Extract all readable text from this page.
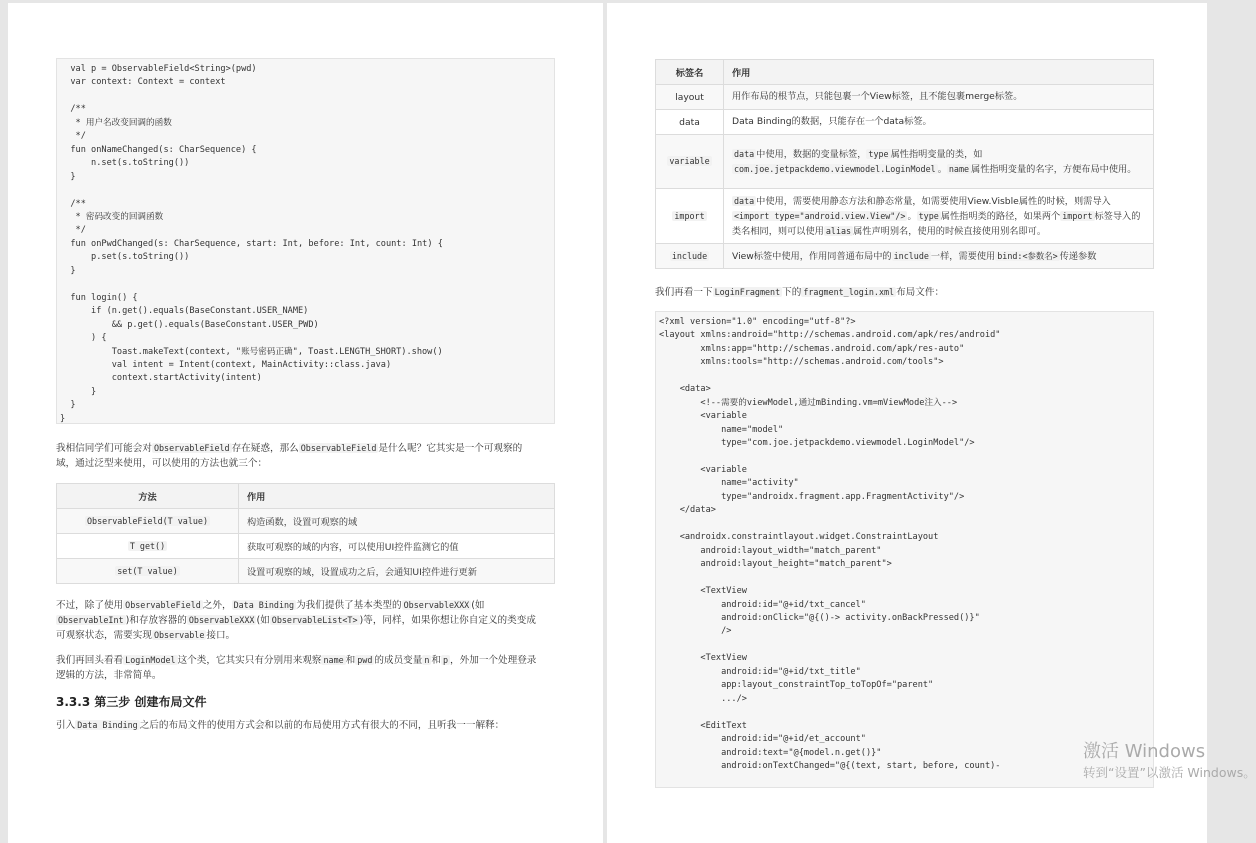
val p = ObservableField<String>(pwd)
var context: Context = context

/**
* 用户名改变回调的函数
*/
fun onNameChanged(s: CharSequence) {
n.set(s.toString())
}

/**
* 密码改变的回调函数
*/
fun onPwdChanged(s: CharSequence, start: Int, before: Int, count: Int) {
p.set(s.toString())
}

fun login() {
if (n.get().equals(BaseConstant.USER_NAME)
&& p.get().equals(BaseConstant.USER_PWD)
) {
Toast.makeText(context, "账号密码正确", Toast.LENGTH_SHORT).show()
val intent = Intent(context, MainActivity::class.java)
context.startActivity(intent)
}
}
}

我相信同学们可能会对 ObservableField 存在疑惑，那么 ObservableField 是什么呢？它其实是一个可观察的
域，通过泛型来使用，可以使用的方法也就三个：

方法	作用
ObservableField(T value)	构造函数，设置可观察的域
T get()	获取可观察的域的内容，可以使用UI控件监测它的值
set(T value)	设置可观察的域，设置成功之后，会通知UI控件进行更新

不过，除了使用 ObservableField 之外， Data Binding 为我们提供了基本类型的 ObservableXXX (如
ObservableInt )和存放容器的 ObservableXXX (如 ObservableList<T> )等，同样，如果你想让你自定义的类变成
可观察状态，需要实现 Observable 接口。

我们再回头看看 LoginModel 这个类，它其实只有分别用来观察 name 和 pwd 的成员变量 n 和 p ，外加一个处理登录
逻辑的方法，非常简单。

3.3.3 第三步 创建布局文件

引入 Data Binding 之后的布局文件的使用方式会和以前的布局使用方式有很大的不同，且听我一一解释：

标签名	作用
layout	用作布局的根节点，只能包裹一个View标签，且不能包裹merge标签。
data	Data Binding的数据，只能存在一个data标签。
variable	data 中使用，数据的变量标签， type 属性指明变量的类，如com.joe.jetpackdemo.viewmodel.LoginModel 。 name 属性指明变量的名字，方便布局中使用。
import	data 中使用，需要使用静态方法和静态常量，如需要使用View.Visble属性的时候，则需导入<import type="android.view.View"/> 。 type 属性指明类的路径，如果两个 import 标签导入的类名相同，则可以使用 alias 属性声明别名，使用的时候直接使用别名即可。
include	View标签中使用，作用同普通布局中的 include 一样，需要使用 bind:<参数名> 传递参数

我们再看一下 LoginFragment 下的 fragment_login.xml 布局文件：

<?xml version="1.0" encoding="utf-8"?>
<layout xmlns:android="http://schemas.android.com/apk/res/android"
xmlns:app="http://schemas.android.com/apk/res-auto"
xmlns:tools="http://schemas.android.com/tools">

<data>
<!--需要的viewModel,通过mBinding.vm=mViewMode注入-->
<variable
name="model"
type="com.joe.jetpackdemo.viewmodel.LoginModel"/>

<variable
name="activity"
type="androidx.fragment.app.FragmentActivity"/>
</data>

<androidx.constraintlayout.widget.ConstraintLayout
android:layout_width="match_parent"
android:layout_height="match_parent">

<TextView
android:id="@+id/txt_cancel"
android:onClick="@{()-> activity.onBackPressed()}"
/>

<TextView
android:id="@+id/txt_title"
app:layout_constraintTop_toTopOf="parent"
.../>

<EditText
android:id="@+id/et_account"
android:text="@{model.n.get()}"
android:onTextChanged="@{(text, start, before, count)-
激活 Windows
转到“设置”以激活 Windows。
